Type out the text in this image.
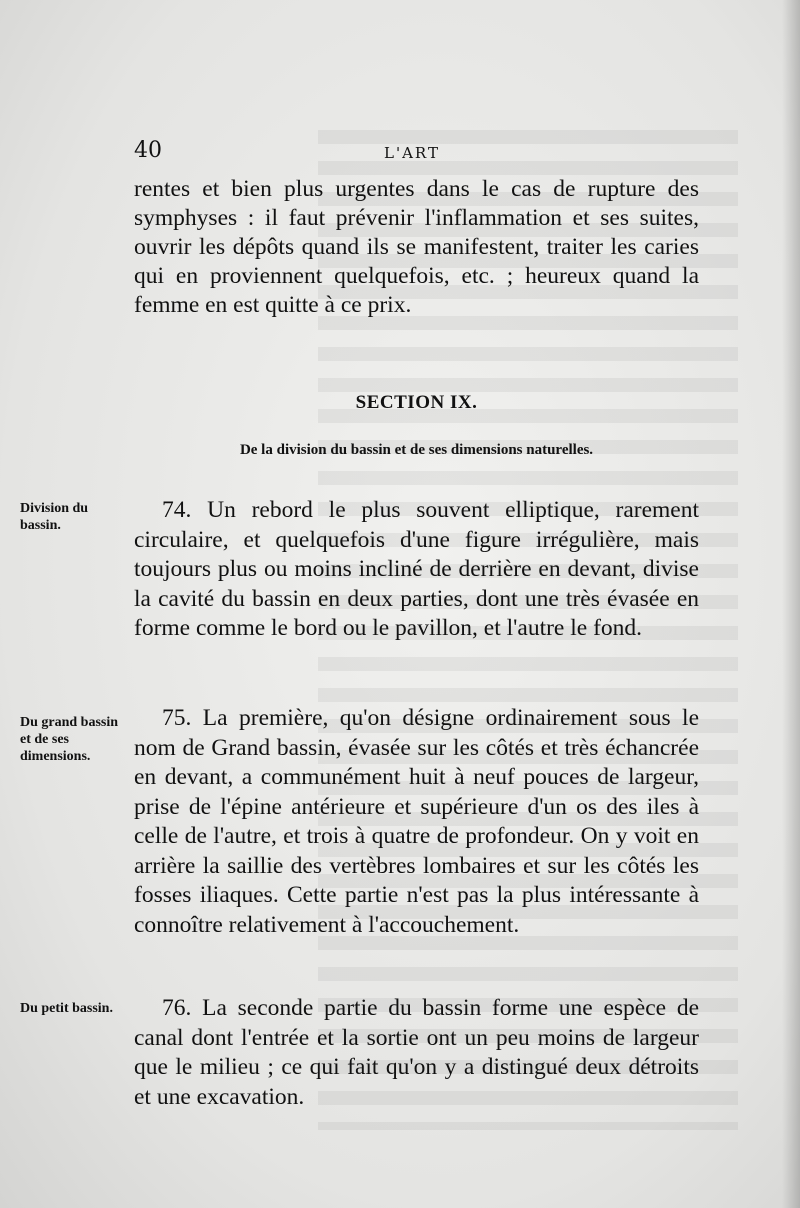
40	L'ART

rentes et bien plus urgentes dans le cas de rupture des symphyses : il faut prévenir l'inflammation et ses suites, ouvrir les dépôts quand ils se manifestent, traiter les caries qui en proviennent quelquefois, etc. ; heureux quand la femme en est quitte à ce prix.

SECTION IX.
De la division du bassin et de ses dimensions naturelles.
Division du bassin.

74. Un rebord le plus souvent elliptique, rarement circulaire, et quelquefois d'une figure irrégulière, mais toujours plus ou moins incliné de derrière en devant, divise la cavité du bassin en deux parties, dont une très évasée en forme comme le bord ou le pavillon, et l'autre le fond.

Du grand bassin et de ses dimensions.

75. La première, qu'on désigne ordinairement sous le nom de Grand bassin, évasée sur les côtés et très échancrée en devant, a communément huit à neuf pouces de largeur, prise de l'épine antérieure et supérieure d'un os des iles à celle de l'autre, et trois à quatre de profondeur. On y voit en arrière la saillie des vertèbres lombaires et sur les côtés les fosses iliaques. Cette partie n'est pas la plus intéressante à connoître relativement à l'accouchement.

Du petit bassin.	76. La seconde partie du bassin forme une espèce de canal dont l'entrée et la sortie ont un peu moins de largeur que le milieu ; ce qui fait qu'on y a distingué deux détroits et une excavation.
